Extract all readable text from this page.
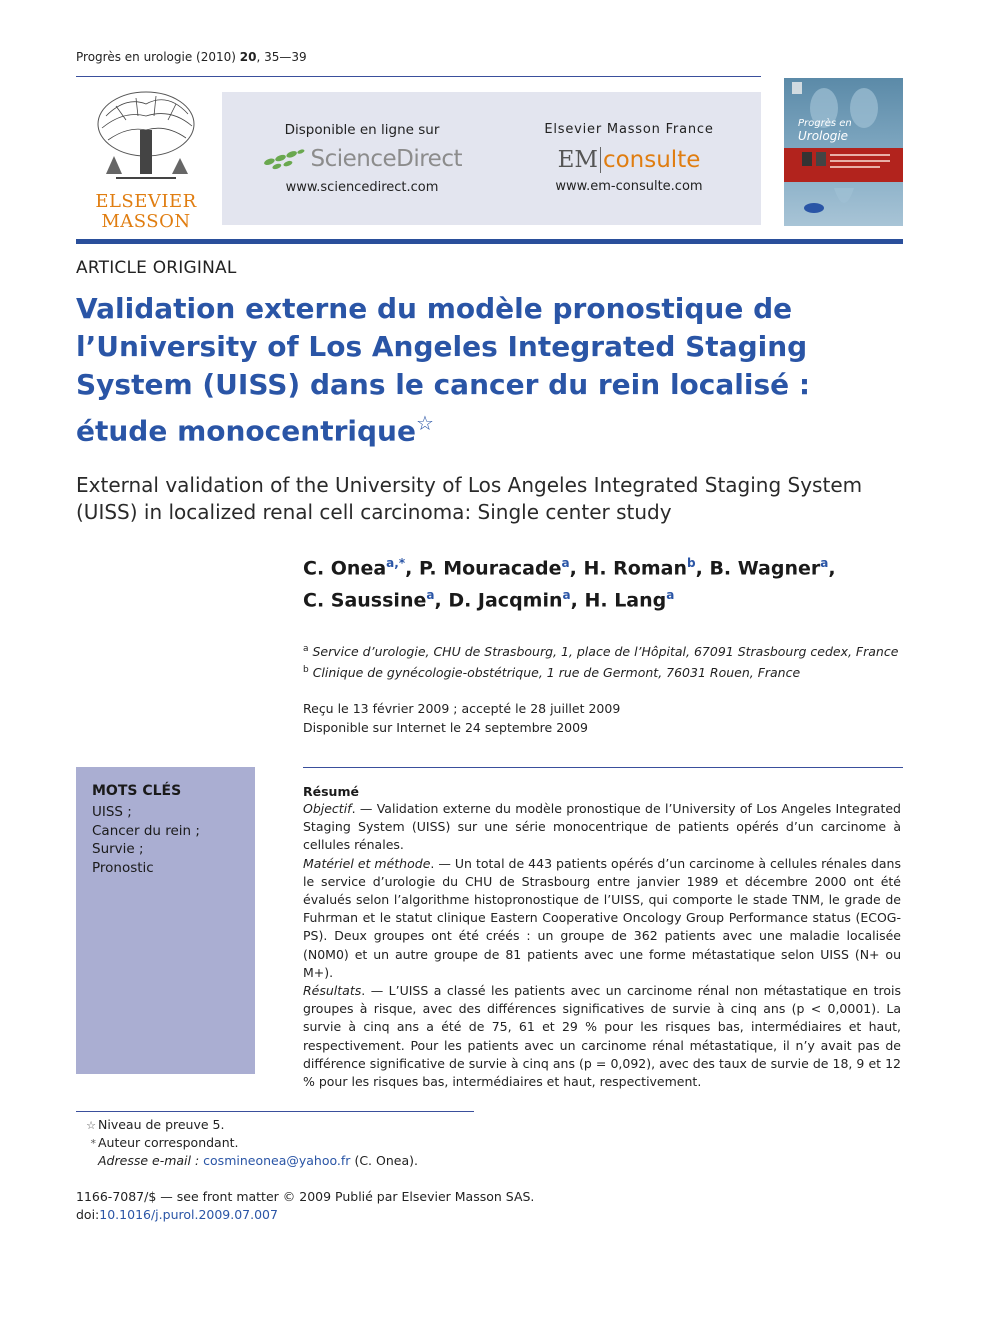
Progrès en urologie (2010) 20, 35—39
ELSEVIER
MASSON
Disponible en ligne sur
ScienceDirect
www.sciencedirect.com
Elsevier Masson France
EM consulte
www.em-consulte.com
Progrès en
Urologie
ARTICLE ORIGINAL
Validation externe du modèle pronostique de
l’University of Los Angeles Integrated Staging
System (UISS) dans le cancer du rein localisé :
étude monocentrique☆
External validation of the University of Los Angeles Integrated Staging System
(UISS) in localized renal cell carcinoma: Single center study
C. Onea$^{a,*}$, P. Mouracade$^a$, H. Roman$^b$, B. Wagner$^a$,
C. Saussine$^a$, D. Jacqmin$^a$, H. Lang$^a$
$^a$ Service d’urologie, CHU de Strasbourg, 1, place de l’Hôpital, 67091 Strasbourg cedex, France
$^b$ Clinique de gynécologie-obstétrique, 1 rue de Germont, 76031 Rouen, France
Reçu le 13 février 2009 ; accepté le 28 juillet 2009
Disponible sur Internet le 24 septembre 2009
MOTS CLÉS
UISS ;
Cancer du rein ;
Survie ;
Pronostic
Résumé

Objectif. — Validation externe du modèle pronostique de l’University of Los Angeles Integrated Staging System (UISS) sur une série monocentrique de patients opérés d’un carcinome à cellules rénales.

Matériel et méthode. — Un total de 443 patients opérés d’un carcinome à cellules rénales dans le service d’urologie du CHU de Strasbourg entre janvier 1989 et décembre 2000 ont été évalués selon l’algorithme histopronostique de l’UISS, qui comporte le stade TNM, le grade de Fuhrman et le statut clinique Eastern Cooperative Oncology Group Performance status (ECOG-PS). Deux groupes ont été créés : un groupe de 362 patients avec une maladie localisée (N0M0) et un autre groupe de 81 patients avec une forme métastatique selon UISS (N+ ou M+).

Résultats. — L’UISS a classé les patients avec un carcinome rénal non métastatique en trois groupes à risque, avec des différences significatives de survie à cinq ans (p < 0,0001). La survie à cinq ans a été de 75, 61 et 29 % pour les risques bas, intermédiaires et haut, respectivement. Pour les patients avec un carcinome rénal métastatique, il n’y avait pas de différence significative de survie à cinq ans (p = 0,092), avec des taux de survie de 18, 9 et 12 % pour les risques bas, intermédiaires et haut, respectivement.

☆ Niveau de preuve 5.
* Auteur correspondant.
Adresse e-mail : cosmineonea@yahoo.fr (C. Onea).
1166-7087/$ — see front matter © 2009 Publié par Elsevier Masson SAS.
doi:10.1016/j.purol.2009.07.007
